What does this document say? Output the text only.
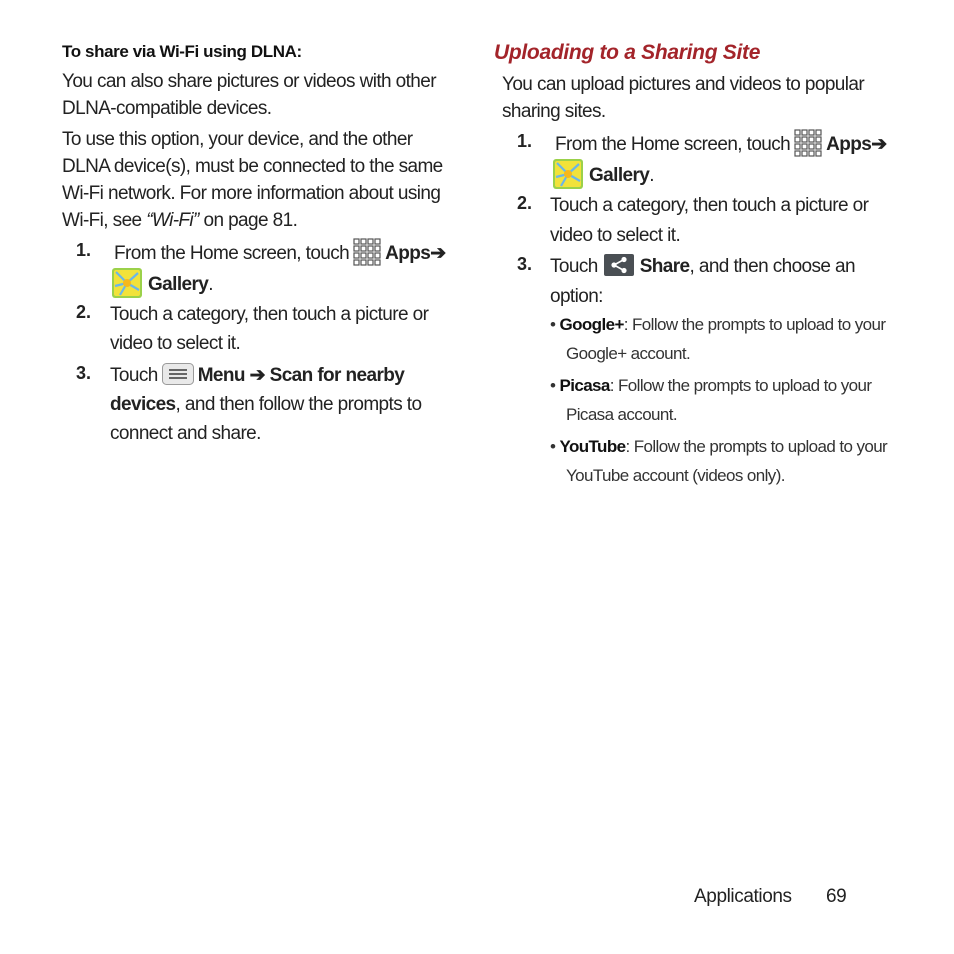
To share via Wi-Fi using DLNA:

You can also share pictures or videos with other DLNA-compatible devices.

To use this option, your device, and the other DLNA device(s), must be connected to the same Wi-Fi network. For more information about using Wi-Fi, see “Wi-Fi” on page 81.

1. From the Home screen, touch Apps➔

Gallery.

2. Touch a category, then touch a picture or video to select it.

3. Touch Menu ➔ Scan for nearby devices, and then follow the prompts to connect and share.

Uploading to a Sharing Site

You can upload pictures and videos to popular sharing sites.

1. From the Home screen, touch Apps➔

Gallery.

2. Touch a category, then touch a picture or video to select it.

3. Touch Share, and then choose an option:

• Google+: Follow the prompts to upload to your Google+ account.

• Picasa: Follow the prompts to upload to your Picasa account.

• YouTube: Follow the prompts to upload to your YouTube account (videos only).

Applications 69
